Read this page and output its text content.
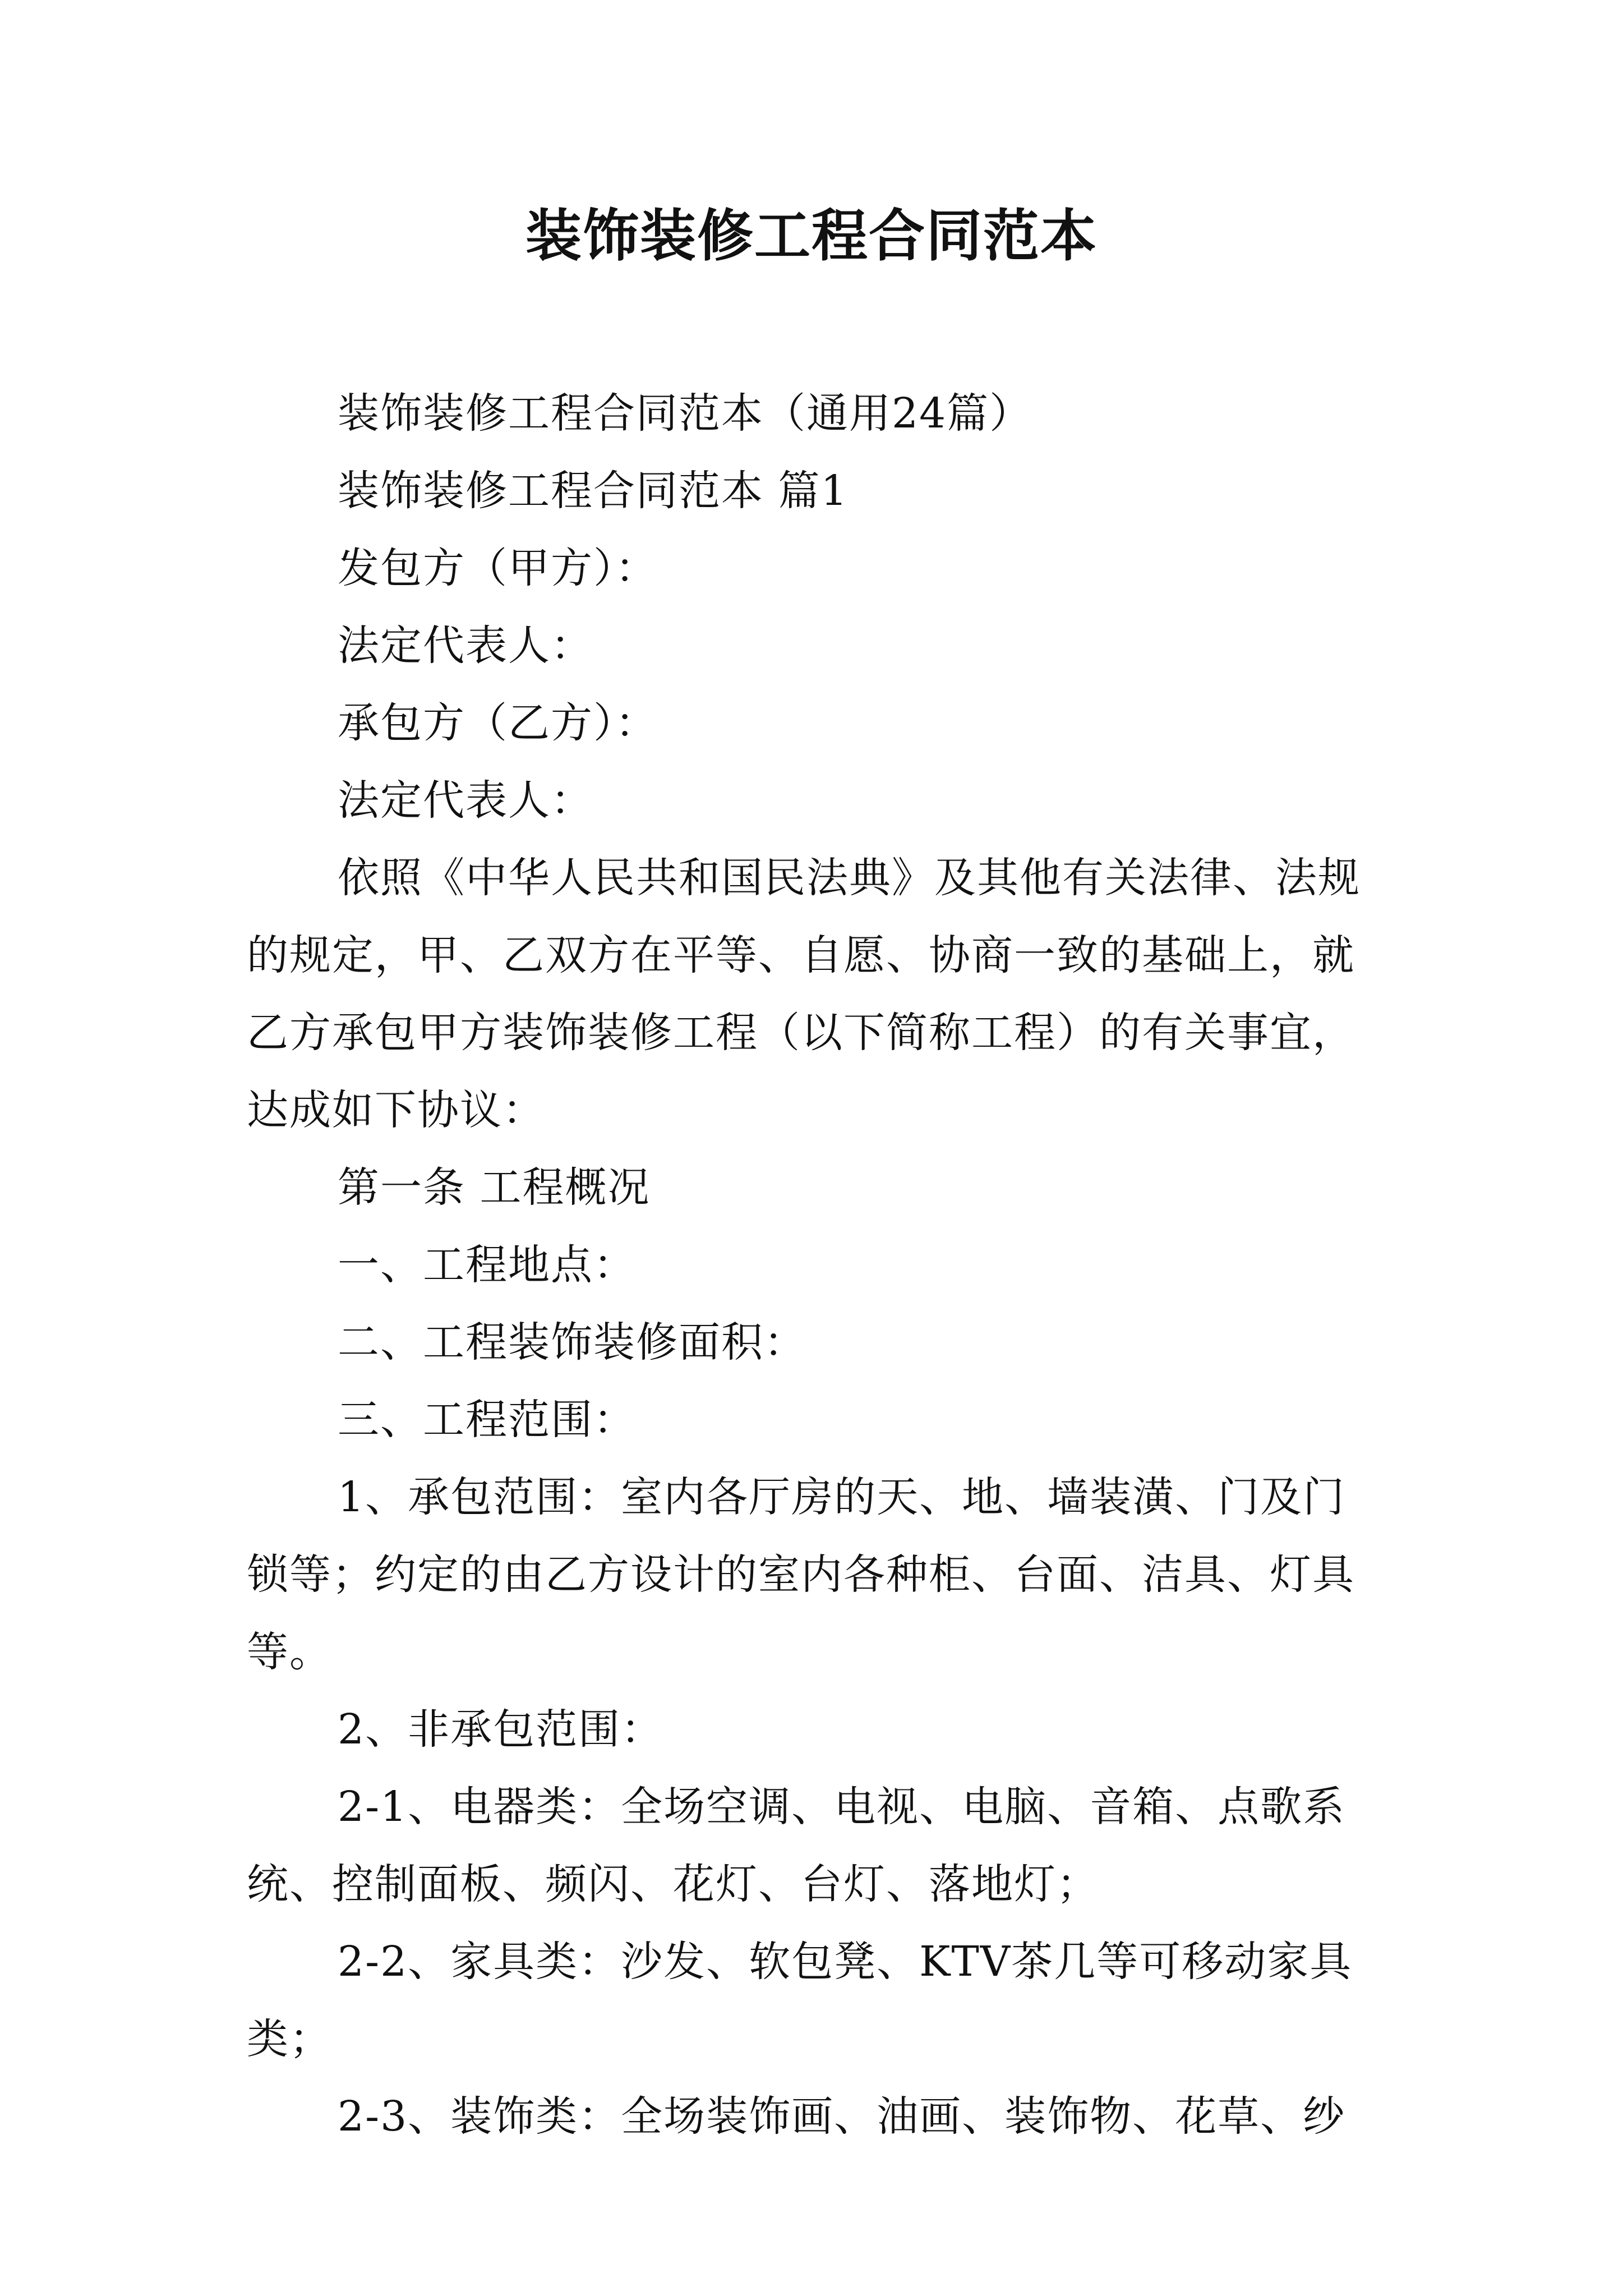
装饰装修工程合同范本

装饰装修工程合同范本（通用24篇）

装饰装修工程合同范本 篇1

发包方（甲方）：

法定代表人：

承包方（乙方）：

法定代表人：

依照《中华人民共和国民法典》及其他有关法律、法规的规定，甲、乙双方在平等、自愿、协商一致的基础上，就乙方承包甲方装饰装修工程（以下简称工程）的有关事宜，达成如下协议：

第一条 工程概况

一、工程地点：

二、工程装饰装修面积：

三、工程范围：

1、承包范围：室内各厅房的天、地、墙装潢、门及门锁等；约定的由乙方设计的室内各种柜、台面、洁具、灯具等。

2、非承包范围：

2-1、电器类：全场空调、电视、电脑、音箱、点歌系统、控制面板、频闪、花灯、台灯、落地灯；

2-2、家具类：沙发、软包凳、KTV茶几等可移动家具类；

2-3、装饰类：全场装饰画、油画、装饰物、花草、纱
